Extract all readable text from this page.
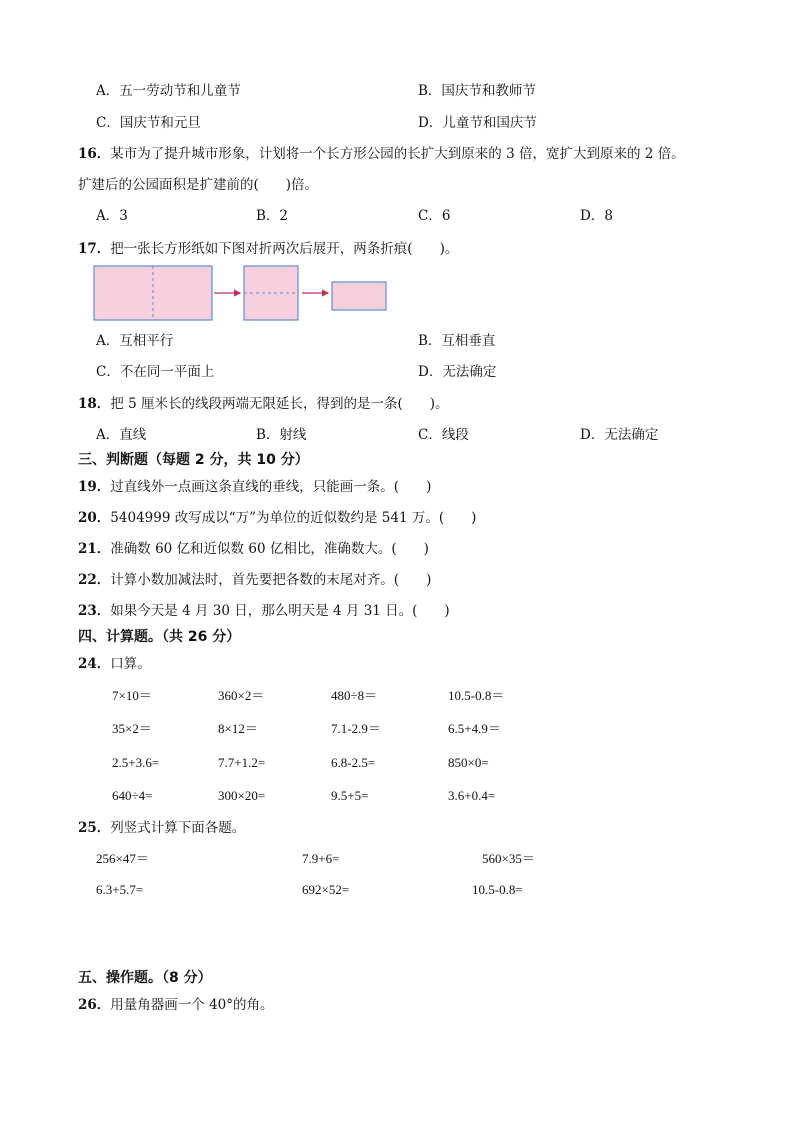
A．五一劳动节和儿童节	B．国庆节和教师节
C．国庆节和元旦	D．儿童节和国庆节
16．某市为了提升城市形象，计划将一个长方形公园的长扩大到原来的 3 倍，宽扩大到原来的 2 倍。
扩建后的公园面积是扩建前的(　　)倍。
A．3	B．2	C．6	D．8
17．把一张长方形纸如下图对折两次后展开，两条折痕(　　)。
A．互相平行	B．互相垂直
C．不在同一平面上	D．无法确定
18．把 5 厘米长的线段两端无限延长，得到的是一条(　　)。
A．直线	B．射线	C．线段	D．无法确定
三、判断题（每题 2 分，共 10 分）
19．过直线外一点画这条直线的垂线，只能画一条。(　　)
20．5404999 改写成以“万”为单位的近似数约是 541 万。(　　)
21．准确数 60 亿和近似数 60 亿相比，准确数大。(　　)
22．计算小数加减法时，首先要把各数的末尾对齐。(　　)
23．如果今天是 4 月 30 日，那么明天是 4 月 31 日。(　　)
四、计算题。（共 26 分）
24．口算。
7×10＝	360×2＝	480÷8＝	10.5-0.8＝
35×2＝	8×12＝	7.1-2.9＝	6.5+4.9＝
2.5+3.6=	7.7+1.2=	6.8-2.5=	850×0=
640÷4=	300×20=	9.5+5=	3.6+0.4=
25．列竖式计算下面各题。
256×47＝	7.9+6=	560×35＝
6.3+5.7=	692×52=	10.5-0.8=
五、操作题。（8 分）
26．用量角器画一个 40°的角。
